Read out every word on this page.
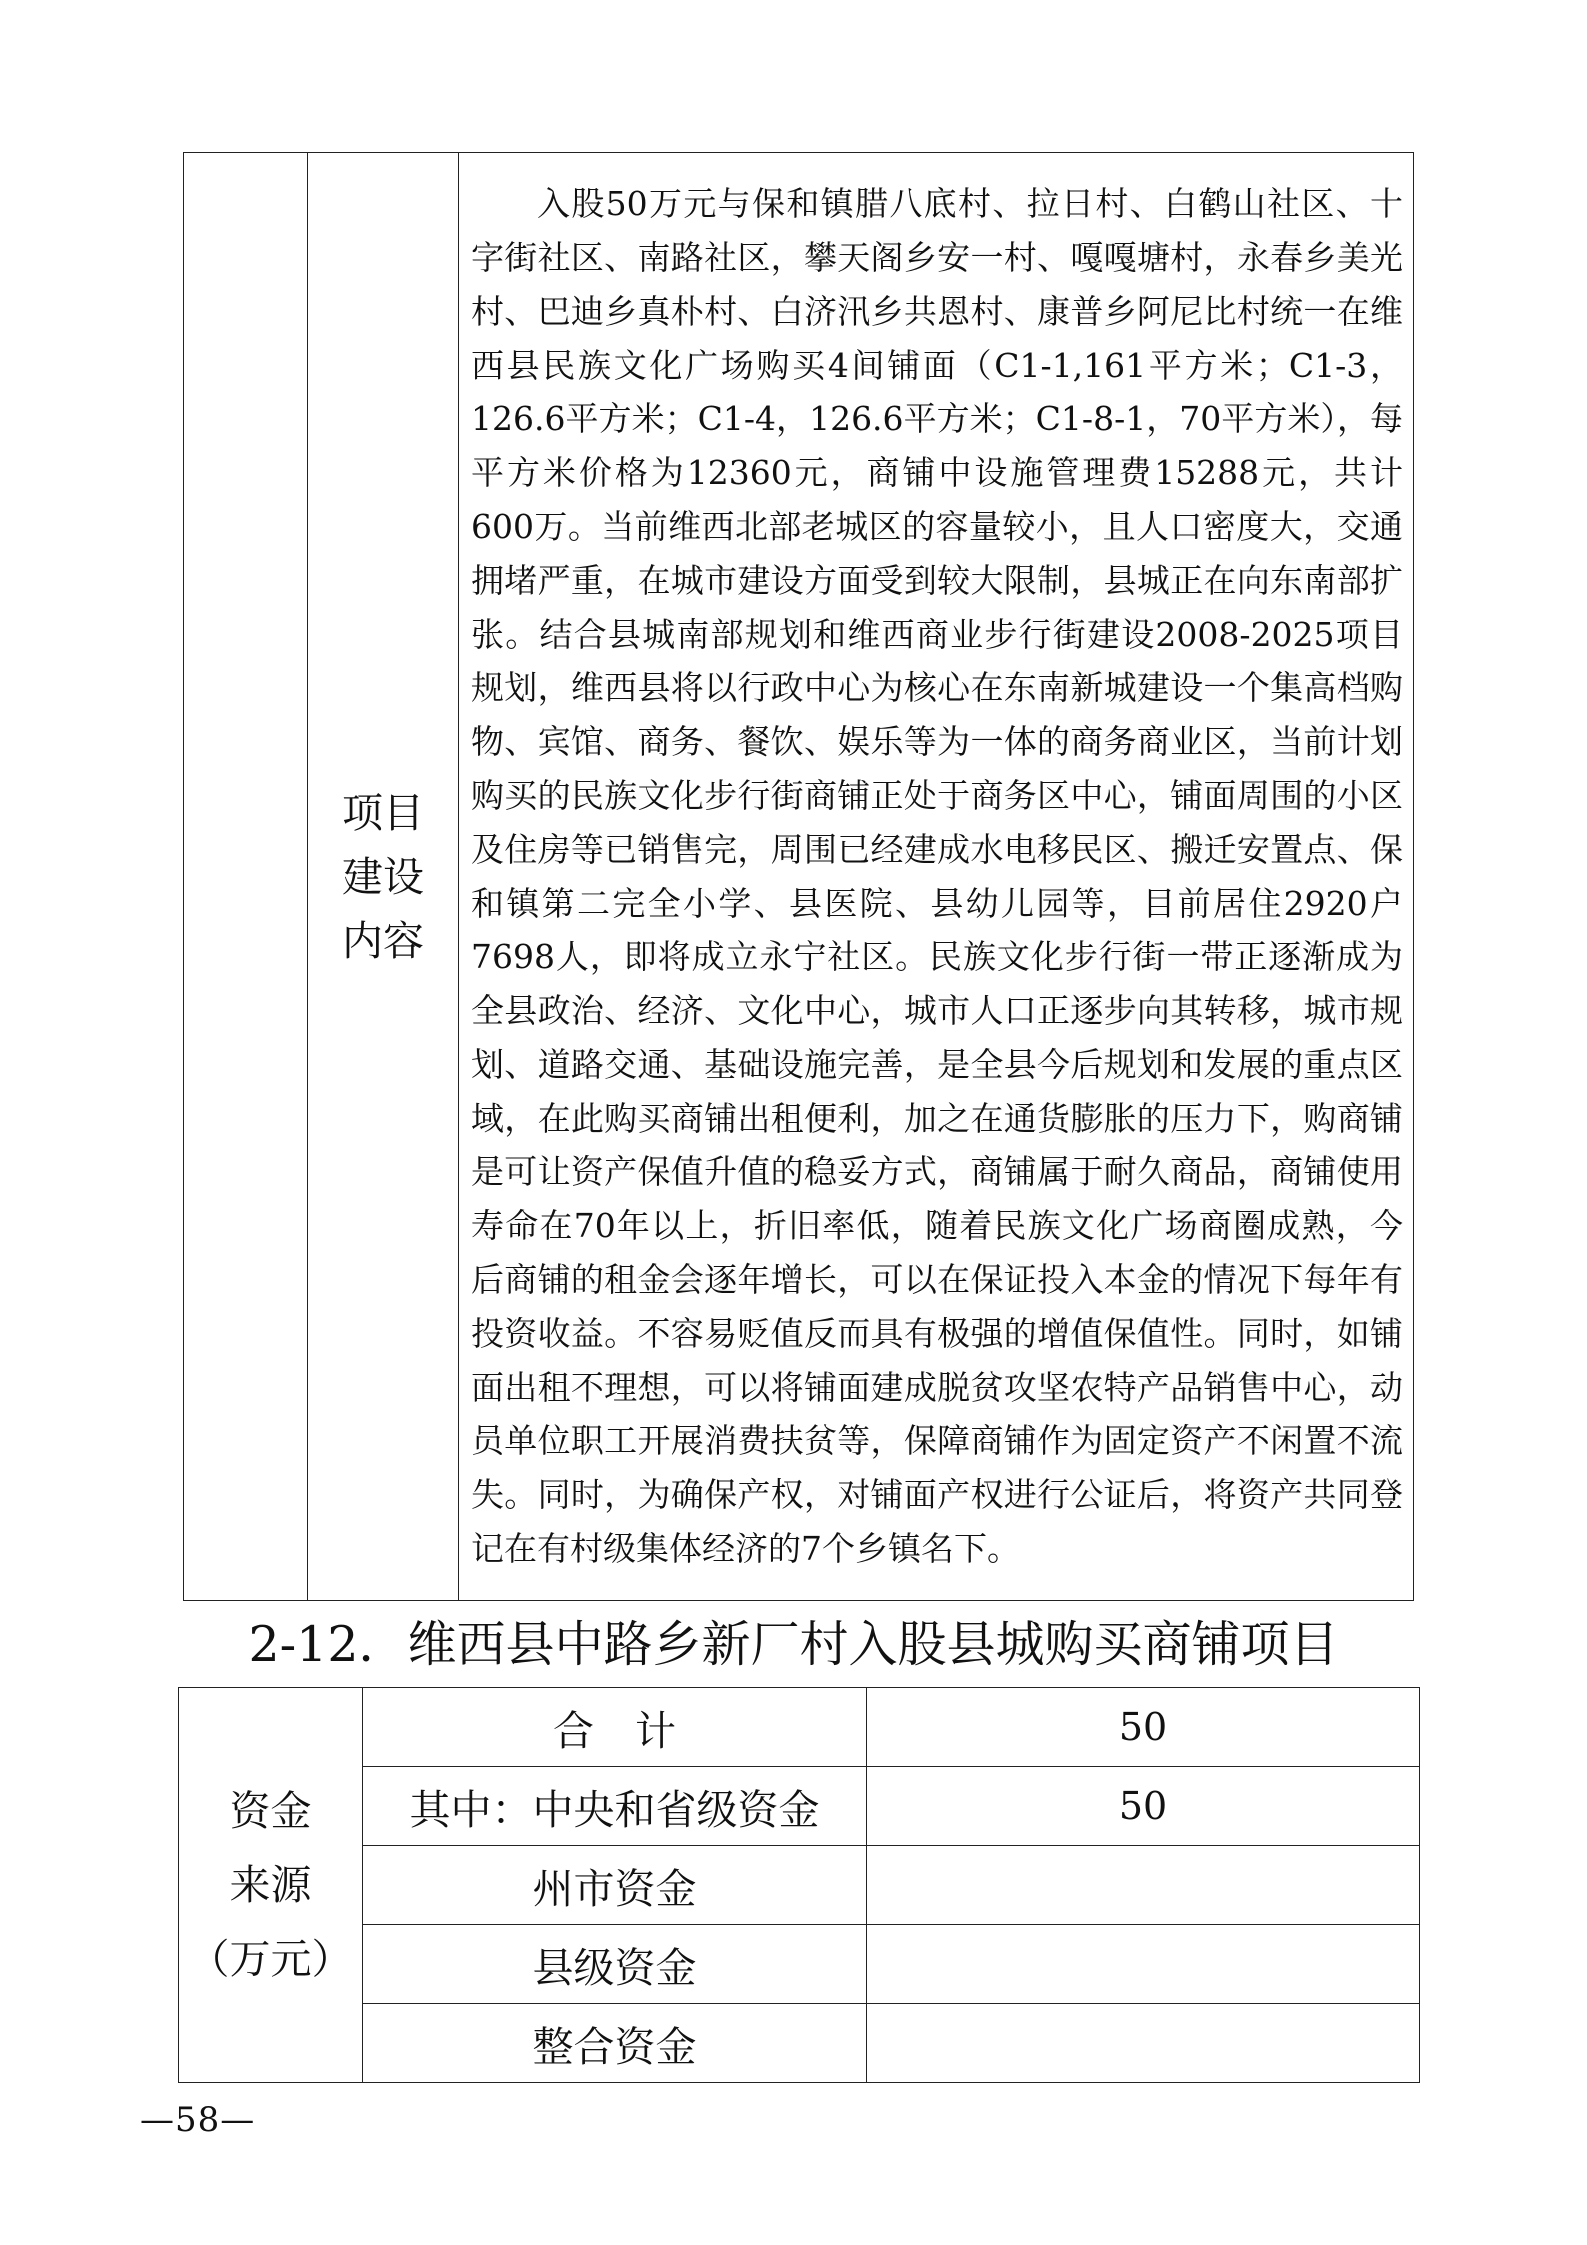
项目
建设
内容

入股50万元与保和镇腊八底村、拉日村、白鹤山社区、十字街社区、南路社区，攀天阁乡安一村、嘎嘎塘村，永春乡美光村、巴迪乡真朴村、白济汛乡共恩村、康普乡阿尼比村统一在维西县民族文化广场购买4间铺面（C1-1,161平方米；C1-3，126.6平方米；C1-4，126.6平方米；C1-8-1，70平方米），每平方米价格为12360元，商铺中设施管理费15288元，共计600万。当前维西北部老城区的容量较小，且人口密度大，交通拥堵严重，在城市建设方面受到较大限制，县城正在向东南部扩张。结合县城南部规划和维西商业步行街建设2008-2025项目规划，维西县将以行政中心为核心在东南新城建设一个集高档购物、宾馆、商务、餐饮、娱乐等为一体的商务商业区，当前计划购买的民族文化步行街商铺正处于商务区中心，铺面周围的小区及住房等已销售完，周围已经建成水电移民区、搬迁安置点、保和镇第二完全小学、县医院、县幼儿园等，目前居住2920户7698人，即将成立永宁社区。民族文化步行街一带正逐渐成为全县政治、经济、文化中心，城市人口正逐步向其转移，城市规划、道路交通、基础设施完善，是全县今后规划和发展的重点区域，在此购买商铺出租便利，加之在通货膨胀的压力下，购商铺是可让资产保值升值的稳妥方式，商铺属于耐久商品，商铺使用寿命在70年以上，折旧率低，随着民族文化广场商圈成熟，今后商铺的租金会逐年增长，可以在保证投入本金的情况下每年有投资收益。不容易贬值反而具有极强的增值保值性。同时，如铺面出租不理想，可以将铺面建成脱贫攻坚农特产品销售中心，动员单位职工开展消费扶贫等，保障商铺作为固定资产不闲置不流失。同时，为确保产权，对铺面产权进行公证后，将资产共同登记在有村级集体经济的7个乡镇名下。
2-12．维西县中路乡新厂村入股县城购买商铺项目
资金
来源
（万元）	合　计	50
	其中：中央和省级资金	50
	州市资金	
	县级资金	
	整合资金	
—58—
